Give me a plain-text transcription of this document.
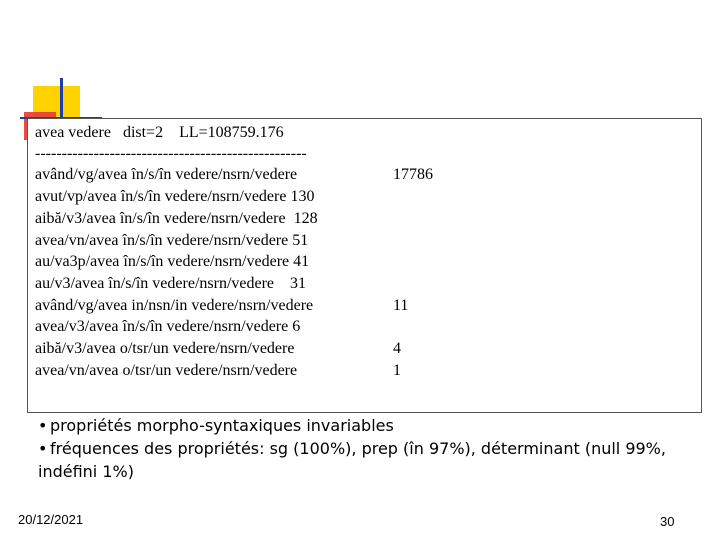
avea vedere   dist=2    LL=108759.176
---------------------------------------------------
având/vg/avea în/s/în vedere/nsrn/vedere	17786
avut/vp/avea în/s/în vedere/nsrn/vedere 130
aibă/v3/avea în/s/în vedere/nsrn/vedere  128
avea/vn/avea în/s/în vedere/nsrn/vedere 51
au/va3p/avea în/s/în vedere/nsrn/vedere 41
au/v3/avea în/s/în vedere/nsrn/vedere    31
având/vg/avea in/nsn/in vedere/nsrn/vedere	11
avea/v3/avea în/s/în vedere/nsrn/vedere 6
aibă/v3/avea o/tsr/un vedere/nsrn/vedere	4
avea/vn/avea o/tsr/un vedere/nsrn/vedere	1
• propriétés morpho-syntaxiques invariables
• fréquences des propriétés: sg (100%), prep (în 97%), déterminant (null 99%, indéfini 1%)
20/12/2021	30
